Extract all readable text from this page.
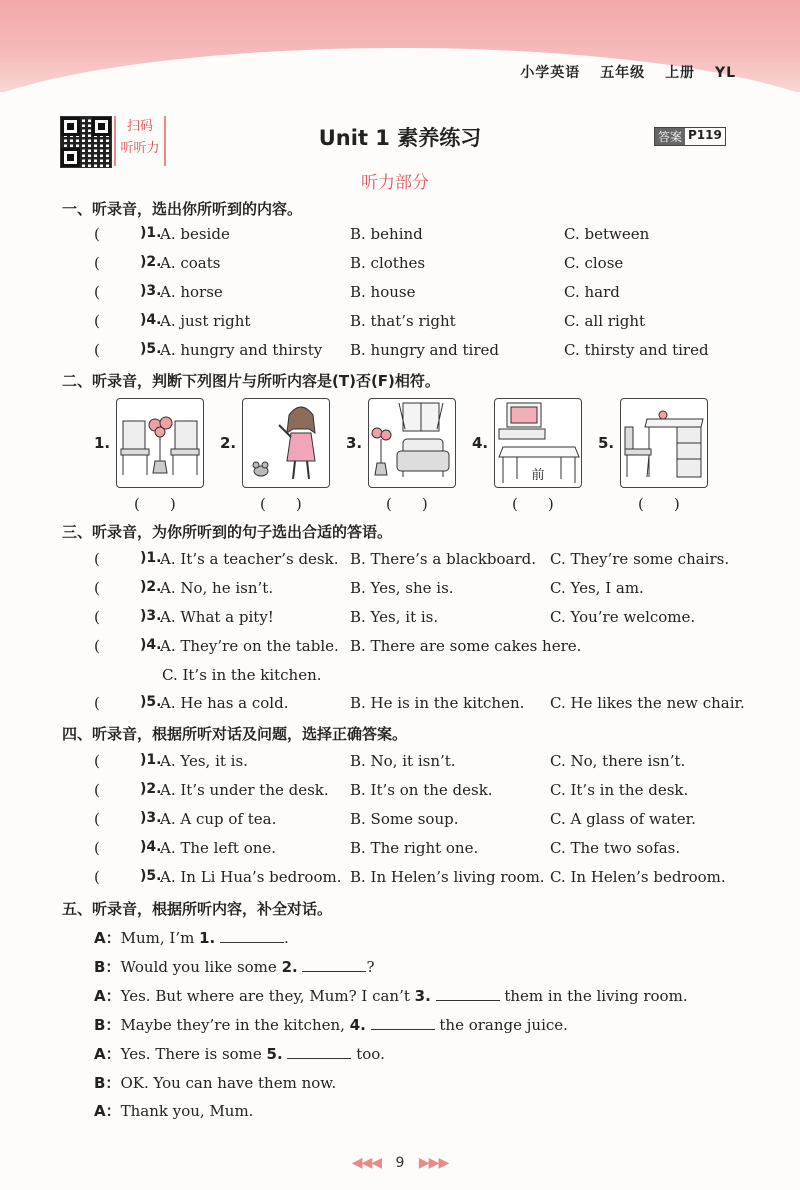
小学英语 五年级 上册 YL
扫码
听听力	Unit 1 素养练习	答案 P119
听力部分
一、听录音，选出你所听到的内容。
(	)1.
A. beside	B. behind	C. between
(	)2.
A. coats	B. clothes	C. close
(	)3.
A. horse	B. house	C. hard
(	)4.
A. just right	B. that’s right	C. all right
(	)5.
A. hungry and thirsty B. hungry and tired	C. thirsty and tired
二、听录音，判断下列图片与所听内容是(T)否(F)相符。
1.
(　　)
2.
(　　)
3.
(　　)
4.
前
(　　)
5.
(　　)
三、听录音，为你所听到的句子选出合适的答语。
(	)1.
A. It’s a teacher’s desk. B. There’s a blackboard. C. They’re some chairs.
(	)2.
A. No, he isn’t.	B. Yes, she is.	C. Yes, I am.
(	)3.
A. What a pity!	B. Yes, it is.	C. You’re welcome.
(	)4.
A. They’re on the table. B. There are some cakes here.
C. It’s in the kitchen.
(	)5.
A. He has a cold.	B. He is in the kitchen. C. He likes the new chair.
四、听录音，根据所听对话及问题，选择正确答案。
(	)1.
A. Yes, it is.	B. No, it isn’t.	C. No, there isn’t.
(	)2.
A. It’s under the desk. B. It’s on the desk.	C. It’s in the desk.
(	)3.
A. A cup of tea.	B. Some soup.	C. A glass of water.
(	)4.
A. The left one.	B. The right one.	C. The two sofas.
(	)5.
A. In Li Hua’s bedroom. B. In Helen’s living room. C. In Helen’s bedroom.
五、听录音，根据所听内容，补全对话。
A：Mum, I’m 1.	.
B：Would you like some 2.	?
A：Yes. But where are they, Mum? I can’t 3.	them in the living room.
B：Maybe they’re in the kitchen, 4.	the orange juice.
A：Yes. There is some 5.	too.
B：OK. You can have them now.
A：Thank you, Mum.
◀◀◀ 9 ▶▶▶
